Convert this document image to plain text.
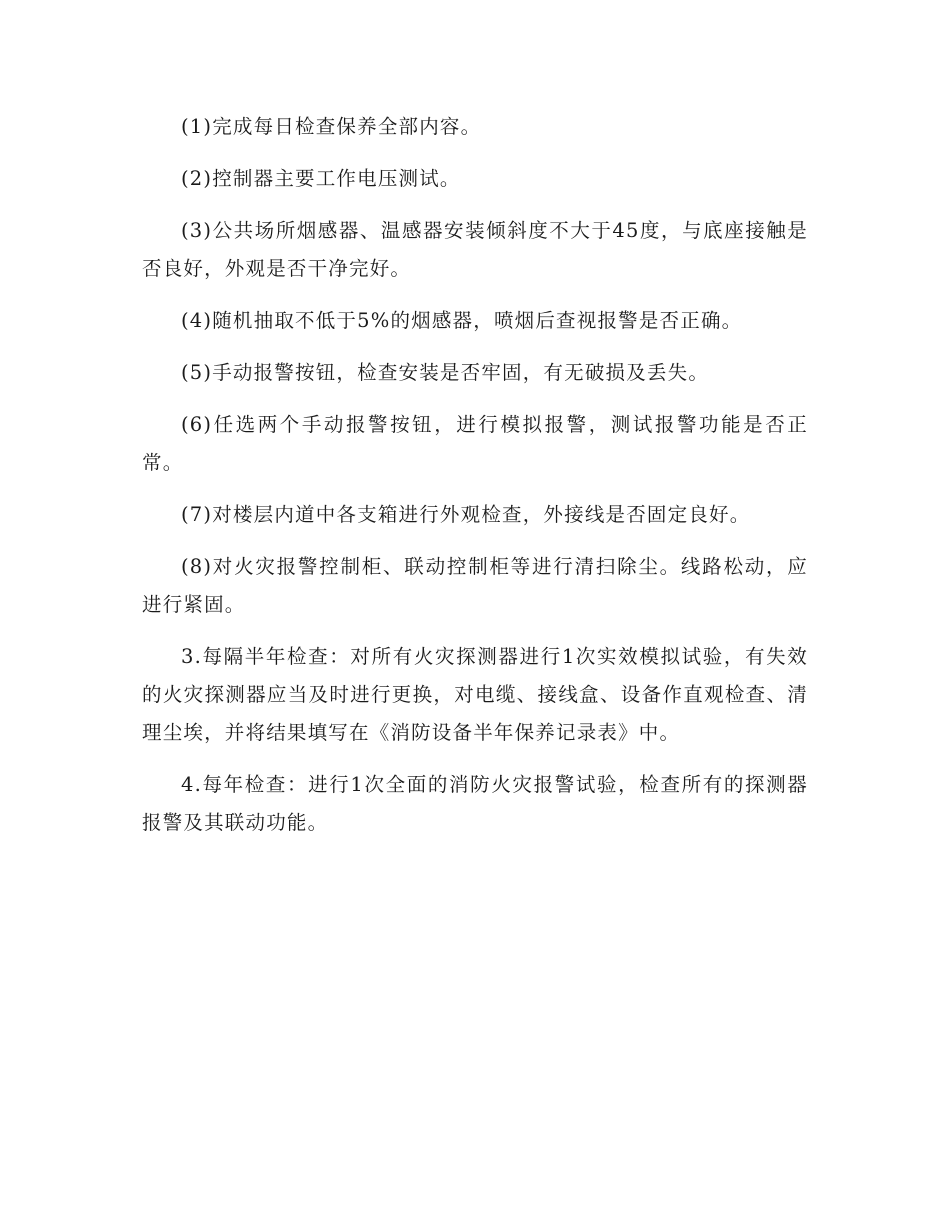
(1)完成每日检查保养全部内容。

(2)控制器主要工作电压测试。

(3)公共场所烟感器、温感器安装倾斜度不大于45度，与底座接触是否良好，外观是否干净完好。

(4)随机抽取不低于5%的烟感器，喷烟后查视报警是否正确。

(5)手动报警按钮，检查安装是否牢固，有无破损及丢失。

(6)任选两个手动报警按钮，进行模拟报警，测试报警功能是否正常。

(7)对楼层内道中各支箱进行外观检查，外接线是否固定良好。

(8)对火灾报警控制柜、联动控制柜等进行清扫除尘。线路松动，应进行紧固。

3.每隔半年检查：对所有火灾探测器进行1次实效模拟试验，有失效的火灾探测器应当及时进行更换，对电缆、接线盒、设备作直观检查、清理尘埃，并将结果填写在《消防设备半年保养记录表》中。

4.每年检查：进行1次全面的消防火灾报警试验，检查所有的探测器报警及其联动功能。
